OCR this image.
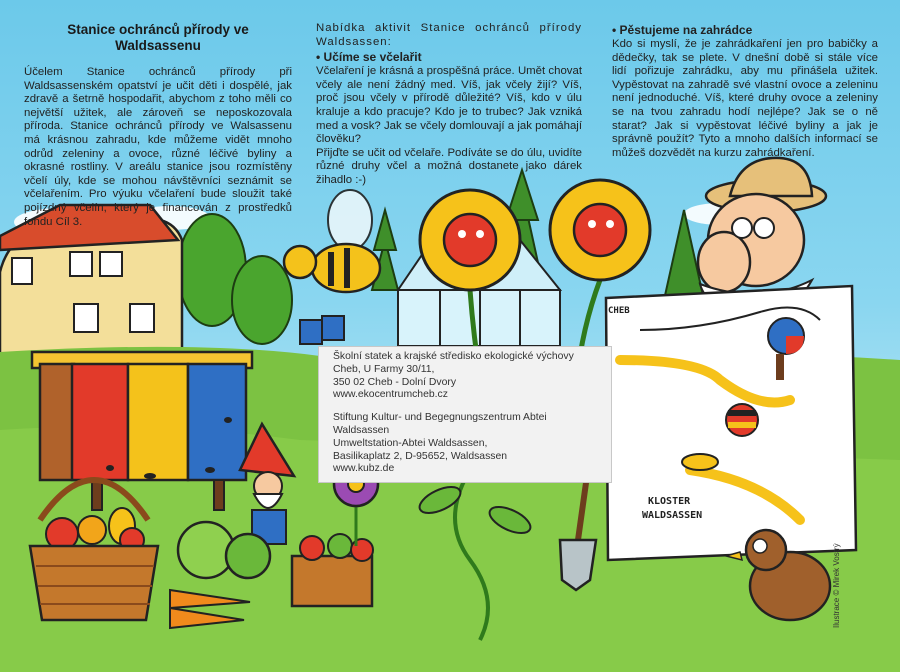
Stanice ochránců přírody ve Waldsassenu

Účelem Stanice ochránců přírody při Waldsassenském opatství je učit děti i dospělé, jak zdravě a šetrně hospodařit, abychom z toho měli co největší užitek, ale zároveň se neposkozovala příroda. Stanice ochránců přírody ve Walsassenu má krásnou zahradu, kde můžeme vidět mnoho odrůd zeleniny a ovoce, různé léčivé byliny a okrasné rostliny. V areálu stanice jsou rozmístěny včelí úly, kde se mohou návštěvníci seznámit se včelařením. Pro výuku včelaření bude sloužit také pojízdný včelín, který je financován z prostředků fondu Cíl 3.

Nabídka aktivit Stanice ochránců přírody Waldsassen:

• Učíme se včelařit

Včelaření je krásná a prospěšná práce. Umět chovat včely ale není žádný med. Víš, jak včely žijí? Víš, proč jsou včely v přírodě důležité? Víš, kdo v úlu kraluje a kdo pracuje? Kdo je to trubec? Jak vzniká med a vosk? Jak se včely domlouvají a jak pomáhají člověku?

Přijďte se učit od včelaře. Podíváte se do úlu, uvidíte různé druhy včel a možná dostanete jako dárek žihadlo :-)

• Pěstujeme na zahrádce

Kdo si myslí, že je zahrádkaření jen pro babičky a dědečky, tak se plete. V dnešní době si stále více lidí pořizuje zahrádku, aby mu přinášela užitek. Vypěstovat na zahradě své vlastní ovoce a zeleninu není jednoduché. Víš, které druhy ovoce a zeleniny se na tvou zahradu hodí nejlépe? Jak se o ně starat? Jak si vypěstovat léčivé byliny a jak je správně použít? Tyto a mnoho dalších informací se můžeš dozvědět na kurzu zahrádkaření.

Školní statek a krajské středisko ekologické výchovy

Cheb, U Farmy 30/11,

350 02 Cheb - Dolní Dvory

www.ekocentrumcheb.cz

Stiftung Kultur- und Begegnungszentrum Abtei Waldsassen

Umweltstation-Abtei Waldsassen,

Basilikaplatz 2, D-95652, Waldsassen

www.kubz.de

CHEB
KLOSTER
WALDSASSEN
Ilustrace © Mirek Vostrý
